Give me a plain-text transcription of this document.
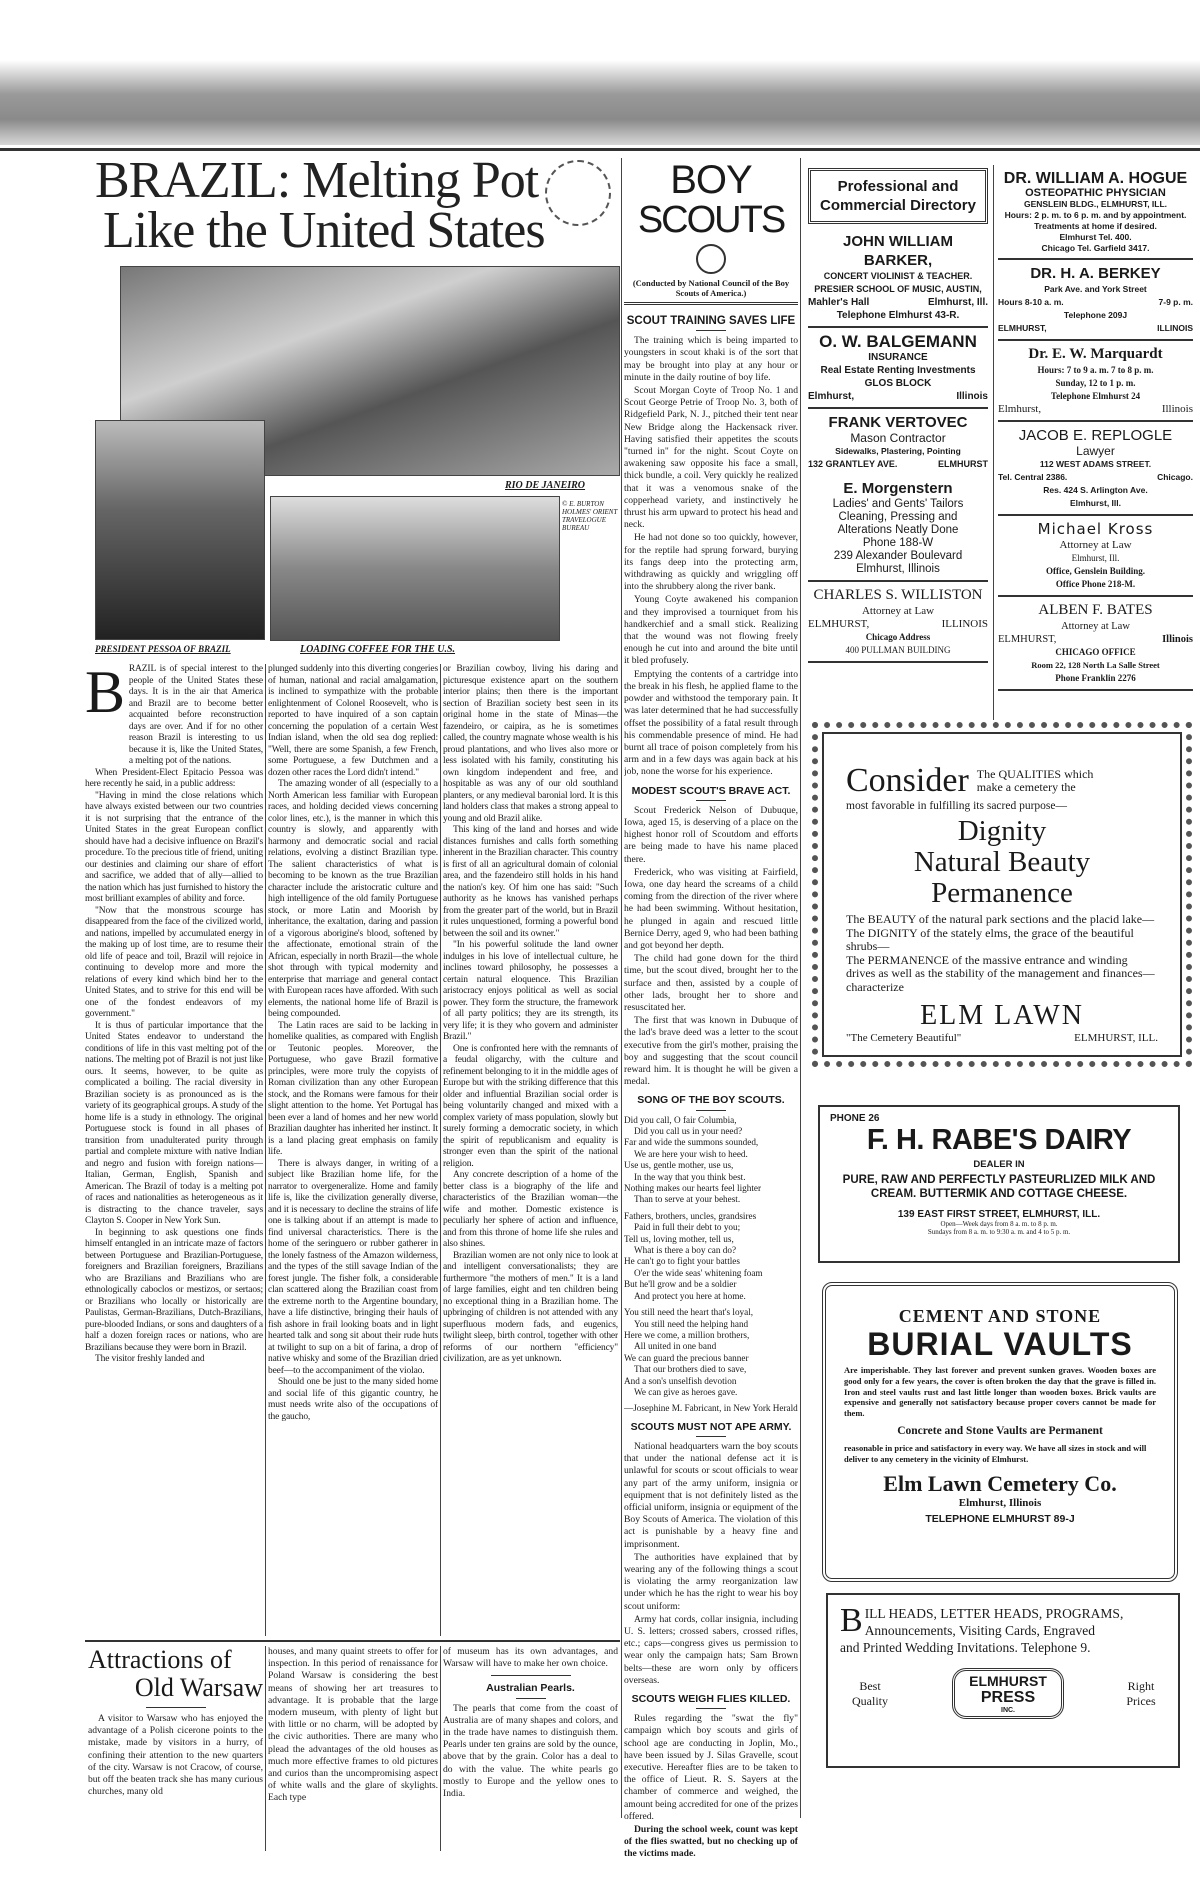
BRAZIL: Melting Pot
Like the United States
RIO DE JANEIRO
PRESIDENT PESSOA OF BRAZIL	LOADING COFFEE FOR THE U.S.
© E. BURTON HOLMES' ORIENT TRAVELOGUE BUREAU
B RAZIL is of special interest to the people of the United States these days. It is in the air that America and Brazil are to become better acquainted before reconstruction days are over. And if for no other reason Brazil is interesting to us because it is, like the United States, a melting pot of the nations.

When President-Elect Epitacio Pessoa was here recently he said, in a public address:

"Having in mind the close relations which have always existed between our two countries it is not surprising that the entrance of the United States in the great European conflict should have had a decisive influence on Brazil's procedure. To the precious title of friend, uniting our destinies and claiming our share of effort and sacrifice, we added that of ally—allied to the nation which has just furnished to history the most brilliant examples of ability and force.

"Now that the monstrous scourge has disappeared from the face of the civilized world, and nations, impelled by accumulated energy in the making up of lost time, are to resume their old life of peace and toil, Brazil will rejoice in continuing to develop more and more the relations of every kind which bind her to the United States, and to strive for this end will be one of the fondest endeavors of my government."

It is thus of particular importance that the United States endeavor to understand the conditions of life in this vast melting pot of the nations. The melting pot of Brazil is not just like ours. It seems, however, to be quite as complicated a boiling. The racial diversity in Brazilian society is as pronounced as is the variety of its geographical groups. A study of the home life is a study in ethnology. The original Portuguese stock is found in all phases of transition from unadulterated purity through partial and complete mixture with native Indian and negro and fusion with foreign nations—Italian, German, English, Spanish and American. The Brazil of today is a melting pot of races and nationalities as heterogeneous as it is distracting to the chance traveler, says Clayton S. Cooper in New York Sun.

In beginning to ask questions one finds himself entangled in an intricate maze of factors between Portuguese and Brazilian-Portuguese, foreigners and Brazilian foreigners, Brazilians who are Brazilians and Brazilians who are ethnologically caboclos or mestizos, or sertaos; or Brazilians who locally or historically are Paulistas, German-Brazilians, Dutch-Brazilians, pure-blooded Indians, or sons and daughters of a half a dozen foreign races or nations, who are Brazilians because they were born in Brazil.

The visitor freshly landed and

plunged suddenly into this diverting congeries of human, national and racial amalgamation, is inclined to sympathize with the probable enlightenment of Colonel Roosevelt, who is reported to have inquired of a son captain concerning the population of a certain West Indian island, when the old sea dog replied: "Well, there are some Spanish, a few French, some Portuguese, a few Dutchmen and a dozen other races the Lord didn't intend."

The amazing wonder of all (especially to a North American less familiar with European races, and holding decided views concerning color lines, etc.), is the manner in which this country is slowly, and apparently with harmony and democratic social and racial relations, evolving a distinct Brazilian type. The salient characteristics of what is becoming to be known as the true Brazilian character include the aristocratic culture and high intelligence of the old family Portuguese stock, or more Latin and Moorish by inheritance, the exaltation, daring and passion of a vigorous aborigine's blood, softened by the affectionate, emotional strain of the African, especially in north Brazil—the whole shot through with typical modernity and enterprise that marriage and general contact with European races have afforded. With such elements, the national home life of Brazil is being compounded.

The Latin races are said to be lacking in homelike qualities, as compared with English or Teutonic peoples. Moreover, the Portuguese, who gave Brazil formative principles, were more truly the copyists of Roman civilization than any other European stock, and the Romans were famous for their slight attention to the home. Yet Portugal has been ever a land of homes and her new world Brazilian daughter has inherited her instinct. It is a land placing great emphasis on family life.

There is always danger, in writing of a subject like Brazilian home life, for the narrator to overgeneralize. Home and family life is, like the civilization generally diverse, and it is necessary to decline the strains of life one is talking about if an attempt is made to find universal characteristics. There is the home of the seringuero or rubber gatherer in the lonely fastness of the Amazon wilderness, and the types of the still savage Indian of the forest jungle. The fisher folk, a considerable clan scattered along the Brazilian coast from the extreme north to the Argentine boundary, have a life distinctive, bringing their hauls of fish ashore in frail looking boats and in light hearted talk and song sit about their rude huts at twilight to sup on a bit of farina, a drop of native whisky and some of the Brazilian dried beef—to the accompaniment of the violao.

Should one be just to the many sided home and social life of this gigantic country, he must needs write also of the occupations of the gaucho,

or Brazilian cowboy, living his daring and picturesque existence apart on the southern interior plains; then there is the important section of Brazilian society best seen in its original home in the state of Minas—the fazendeiro, or caipira, as he is sometimes called, the country magnate whose wealth is his proud plantations, and who lives also more or less isolated with his family, constituting his own kingdom independent and free, and hospitable as was any of our old southland planters, or any medieval baronial lord. It is this land holders class that makes a strong appeal to young and old Brazil alike.

This king of the land and horses and wide distances furnishes and calls forth something inherent in the Brazilian character. This country is first of all an agricultural domain of colonial area, and the fazendeiro still holds in his hand the nation's key. Of him one has said: "Such authority as he knows has vanished perhaps from the greater part of the world, but in Brazil it rules unquestioned, forming a powerful bond between the soil and its owner."

"In his powerful solitude the land owner indulges in his love of intellectual culture, he inclines toward philosophy, he possesses a certain natural eloquence. This Brazilian aristocracy enjoys political as well as social power. They form the structure, the framework of all party politics; they are its strength, its very life; it is they who govern and administer Brazil."

One is confronted here with the remnants of a feudal oligarchy, with the culture and refinement belonging to it in the middle ages of Europe but with the striking difference that this older and influential Brazilian social order is being voluntarily changed and mixed with a complex variety of mass population, slowly but surely forming a democratic society, in which the spirit of republicanism and equality is stronger even than the spirit of the national religion.

Any concrete description of a home of the better class is a biography of the life and characteristics of the Brazilian woman—the wife and mother. Domestic existence is peculiarly her sphere of action and influence, and from this throne of home life she rules and also shines.

Brazilian women are not only nice to look at and intelligent conversationalists; they are furthermore "the mothers of men." It is a land of large families, eight and ten children being no exceptional thing in a Brazilian home. The upbringing of children is not attended with any superfluous modern fads, and eugenics, twilight sleep, birth control, together with other reforms of our northern "efficiency" civilization, are as yet unknown.

Attractions of
Old Warsaw

A visitor to Warsaw who has enjoyed the advantage of a Polish cicerone points to the mistake, made by visitors in a hurry, of confining their attention to the new quarters of the city. Warsaw is not Cracow, of course, but off the beaten track she has many curious churches, many old

houses, and many quaint streets to offer for inspection. In this period of renaissance for Poland Warsaw is considering the best means of showing her art treasures to advantage. It is probable that the large modern museum, with plenty of light but with little or no charm, will be adopted by the civic authorities. There are many who plead the advantages of the old houses as much more effective frames to old pictures and curios than the uncompromising aspect of white walls and the glare of skylights. Each type

of museum has its own advantages, and Warsaw will have to make her own choice.

Australian Pearls.

The pearls that come from the coast of Australia are of many shapes and colors, and in the trade have names to distinguish them. Pearls under ten grains are sold by the ounce, above that by the grain. Color has a deal to do with the value. The white pearls go mostly to Europe and the yellow ones to India.

BOY
SCOUTS
(Conducted by National Council of the Boy Scouts of America.)
SCOUT TRAINING SAVES LIFE

The training which is being imparted to youngsters in scout khaki is of the sort that may be brought into play at any hour or minute in the daily routine of boy life.

Scout Morgan Coyte of Troop No. 1 and Scout George Petrie of Troop No. 3, both of Ridgefield Park, N. J., pitched their tent near New Bridge along the Hackensack river. Having satisfied their appetites the scouts "turned in" for the night. Scout Coyte on awakening saw opposite his face a small, thick bundle, a coil. Very quickly he realized that it was a venomous snake of the copperhead variety, and instinctively he thrust his arm upward to protect his head and neck.

He had not done so too quickly, however, for the reptile had sprung forward, burying its fangs deep into the protecting arm, withdrawing as quickly and wriggling off into the shrubbery along the river bank.

Young Coyte awakened his companion and they improvised a tourniquet from his handkerchief and a small stick. Realizing that the wound was not flowing freely enough he cut into and around the bite until it bled profusely.

Emptying the contents of a cartridge into the break in his flesh, he applied flame to the powder and withstood the temporary pain. It was later determined that he had successfully offset the possibility of a fatal result through his commendable presence of mind. He had burnt all trace of poison completely from his arm and in a few days was again back at his job, none the worse for his experience.

MODEST SCOUT'S BRAVE ACT.

Scout Frederick Nelson of Dubuque, Iowa, aged 15, is deserving of a place on the highest honor roll of Scoutdom and efforts are being made to have his name placed there.

Frederick, who was visiting at Fairfield, Iowa, one day heard the screams of a child coming from the direction of the river where he had been swimming. Without hesitation, he plunged in again and rescued little Bernice Derry, aged 9, who had been bathing and got beyond her depth.

The child had gone down for the third time, but the scout dived, brought her to the surface and then, assisted by a couple of other lads, brought her to shore and resuscitated her.

The first that was known in Dubuque of the lad's brave deed was a letter to the scout executive from the girl's mother, praising the boy and suggesting that the scout council reward him. It is thought he will be given a medal.

SONG OF THE BOY SCOUTS.
Did you call, O fair Columbia,
Did you call us in your need?
Far and wide the summons sounded,
We are here your wish to heed.
Use us, gentle mother, use us,
In the way that you think best.
Nothing makes our hearts feel lighter
Than to serve at your behest.
Fathers, brothers, uncles, grandsires
Paid in full their debt to you;
Tell us, loving mother, tell us,
What is there a boy can do?
He can't go to fight your battles
O'er the wide seas' whitening foam
But he'll grow and be a soldier
And protect you here at home.
You still need the heart that's loyal,
You still need the helping hand
Here we come, a million brothers,
All united in one band
We can guard the precious banner
That our brothers died to save,
And a son's unselfish devotion
We can give as heroes gave.
—Josephine M. Fabricant, in New York Herald
SCOUTS MUST NOT APE ARMY.

National headquarters warn the boy scouts that under the national defense act it is unlawful for scouts or scout officials to wear any part of the army uniform, insignia or equipment that is not definitely listed as the official uniform, insignia or equipment of the Boy Scouts of America. The violation of this act is punishable by a heavy fine and imprisonment.

The authorities have explained that by wearing any of the following things a scout is violating the army reorganization law under which he has the right to wear his boy scout uniform:

Army hat cords, collar insignia, including U. S. letters; crossed sabers, crossed rifles, etc.; caps—congress gives us permission to wear only the campaign hats; Sam Brown belts—these are worn only by officers overseas.

SCOUTS WEIGH FLIES KILLED.

Rules regarding the "swat the fly" campaign which boy scouts and girls of school age are conducting in Joplin, Mo., have been issued by J. Silas Gravelle, scout executive. Hereafter flies are to be taken to the office of Lieut. R. S. Sayers at the chamber of commerce and weighed, the amount being accredited for one of the prizes offered.

During the school week, count was kept of the flies swatted, but no checking up of the victims made.

Professional and Commercial Directory
JOHN WILLIAM BARKER,
CONCERT VIOLINIST & TEACHER.
PRESIER SCHOOL OF MUSIC, AUSTIN,
Mahler's Hall	Elmhurst, Ill.
Telephone Elmhurst 43-R.
O. W. BALGEMANN
INSURANCE
Real Estate Renting Investments
GLOS BLOCK
Elmhurst,	Illinois
FRANK VERTOVEC
Mason Contractor
Sidewalks, Plastering, Pointing
132 GRANTLEY AVE.	ELMHURST
E. Morgenstern
Ladies' and Gents' Tailors
Cleaning, Pressing and
Alterations Neatly Done
Phone 188-W
239 Alexander Boulevard
Elmhurst, Illinois
CHARLES S. WILLISTON
Attorney at Law
ELMHURST,	ILLINOIS
Chicago Address
400 PULLMAN BUILDING
DR. WILLIAM A. HOGUE
OSTEOPATHIC PHYSICIAN
GENSLEIN BLDG., ELMHURST, ILL.
Hours: 2 p. m. to 6 p. m. and by appointment.
Treatments at home if desired.
Elmhurst Tel. 400.
Chicago Tel. Garfield 3417.
DR. H. A. BERKEY
Park Ave. and York Street
Hours 8-10 a. m.	7-9 p. m.
Telephone 209J
ELMHURST,	ILLINOIS
Dr. E. W. Marquardt
Hours: 7 to 9 a. m. 7 to 8 p. m.
Sunday, 12 to 1 p. m.
Telephone Elmhurst 24
Elmhurst,	Illinois
JACOB E. REPLOGLE
Lawyer
112 WEST ADAMS STREET.
Tel. Central 2386.	Chicago.
Res. 424 S. Arlington Ave.
Elmhurst, Ill.
Michael Kross
Attorney at Law
Elmhurst, Ill.
Office, Genslein Building.
Office Phone 218-M.
ALBEN F. BATES
Attorney at Law
ELMHURST,	Illinois
CHICAGO OFFICE
Room 22, 128 North La Salle Street
Phone Franklin 2276
Consider The QUALITIES which
make a cemetery the
most favorable in fulfilling its sacred purpose—
Dignity
Natural Beauty
Permanence
The BEAUTY of the natural park sections and the placid lake—
The DIGNITY of the stately elms, the grace of the beautiful shrubs—
The PERMANENCE of the massive entrance and winding drives as well as the stability of the management and finances—characterize
ELM LAWN
"The Cemetery Beautiful"	ELMHURST, ILL.
PHONE 26
F. H. RABE'S DAIRY
DEALER IN
PURE, RAW AND PERFECTLY PASTEURLIZED MILK AND CREAM. BUTTERMIK AND COTTAGE CHEESE.
139 EAST FIRST STREET, ELMHURST, ILL.
Open—Week days from 8 a. m. to 8 p. m.
Sundays from 8 a. m. to 9:30 a. m. and 4 to 5 p. m.
CEMENT AND STONE
BURIAL VAULTS
Are imperishable. They last forever and prevent sunken graves. Wooden boxes are good only for a few years, the cover is often broken the day that the grave is filled in. Iron and steel vaults rust and last little longer than wooden boxes. Brick vaults are expensive and generally not satisfactory because proper covers cannot be made for them.
Concrete and Stone Vaults are Permanent
reasonable in price and satisfactory in every way. We have all sizes in stock and will deliver to any cemetery in the vicinity of Elmhurst.
Elm Lawn Cemetery Co.
Elmhurst, Illinois
TELEPHONE ELMHURST 89-J
B ILL HEADS, LETTER HEADS, PROGRAMS,
Announcements, Visiting Cards, Engraved
and Printed Wedding Invitations. Telephone 9.
Best Quality
ELMHURST
PRESS
INC.
Right Prices
